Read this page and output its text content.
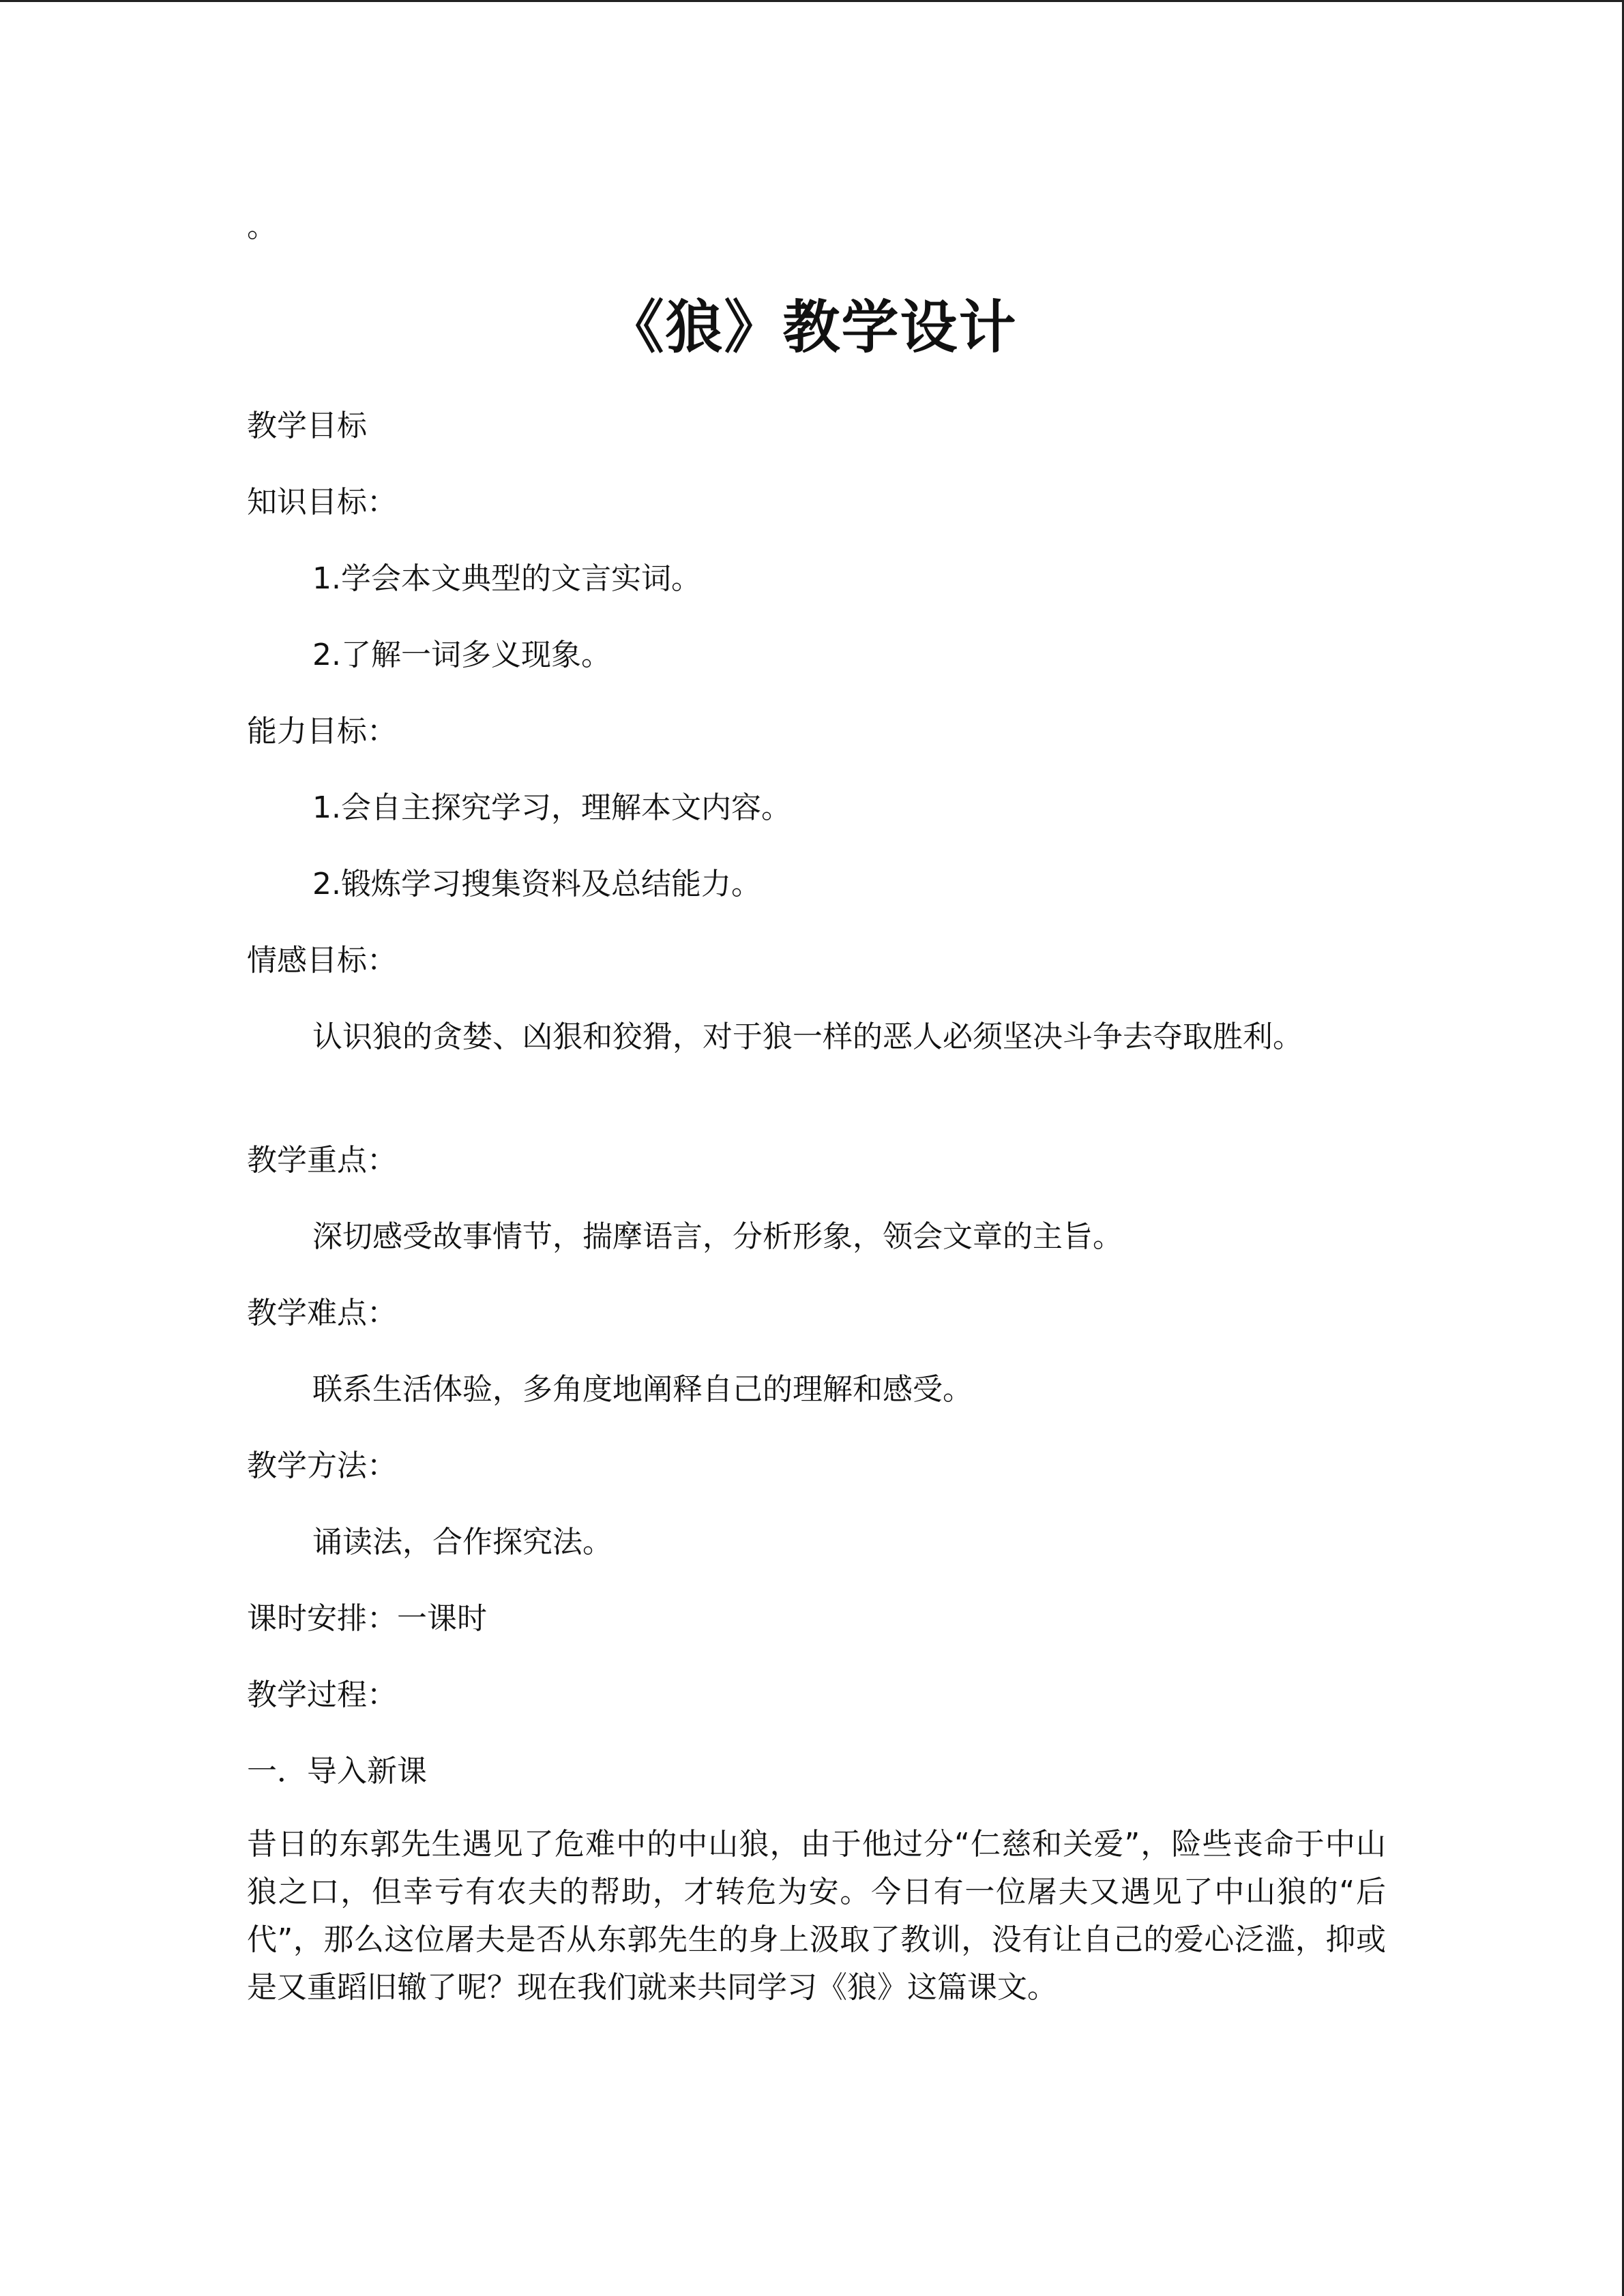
。
《狼》教学设计
教学目标
知识目标：
1.学会本文典型的文言实词。
2.了解一词多义现象。
能力目标：
1.会自主探究学习，理解本文内容。
2.锻炼学习搜集资料及总结能力。
情感目标：
认识狼的贪婪、凶狠和狡猾，对于狼一样的恶人必须坚决斗争去夺取胜利。
教学重点：
深切感受故事情节，揣摩语言，分析形象，领会文章的主旨。
教学难点：
联系生活体验，多角度地阐释自己的理解和感受。
教学方法：
诵读法，合作探究法。
课时安排：一课时
教学过程：
一．导入新课
昔日的东郭先生遇见了危难中的中山狼，由于他过分“仁慈和关爱”，险些丧命于中山狼之口，但幸亏有农夫的帮助，才转危为安。今日有一位屠夫又遇见了中山狼的“后代”，那么这位屠夫是否从东郭先生的身上汲取了教训，没有让自己的爱心泛滥，抑或是又重蹈旧辙了呢？现在我们就来共同学习《狼》这篇课文。
